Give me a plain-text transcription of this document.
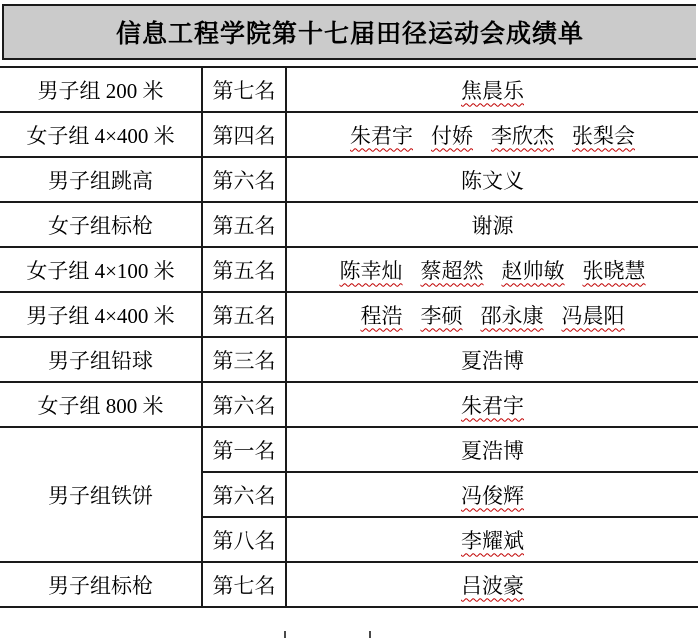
信息工程学院第十七届田径运动会成绩单
男子组 200 米	第七名	焦晨乐
女子组 4×400 米	第四名	朱君宇 付娇 李欣杰 张梨会
男子组跳高	第六名	陈文义
女子组标枪	第五名	谢源
女子组 4×100 米	第五名	陈幸灿 蔡超然 赵帅敏 张晓慧
男子组 4×400 米	第五名	程浩 李硕 邵永康 冯晨阳
男子组铅球	第三名	夏浩博
女子组 800 米	第六名	朱君宇
男子组铁饼	第一名	夏浩博
	第六名	冯俊辉
	第八名	李耀斌
男子组标枪	第七名	吕波豪
